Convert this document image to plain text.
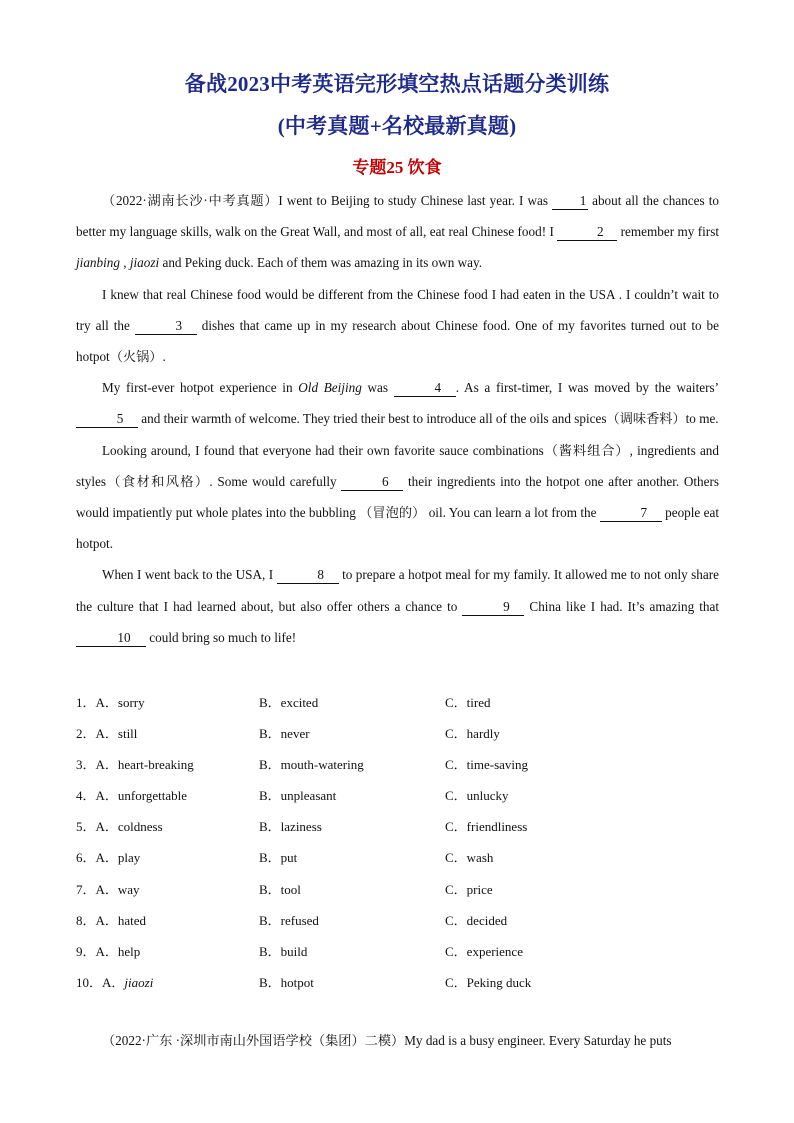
备战2023中考英语完形填空热点话题分类训练
(中考真题+名校最新真题)
专题25 饮食

（2022·湖南长沙·中考真题）I went to Beijing to study Chinese last year. I was 1 about all the chances to better my language skills, walk on the Great Wall, and most of all, eat real Chinese food! I	2 remember my first jianbing , jiaozi and Peking duck. Each of them was amazing in its own way.

I knew that real Chinese food would be different from the Chinese food I had eaten in the USA . I couldn’t wait to try all the	3 dishes that came up in my research about Chinese food. One of my favorites turned out to be hotpot（火锅）.

My first-ever hotpot experience in Old Beijing was	4 . As a first-timer, I was moved by the waiters’5 and their warmth of welcome. They tried their best to introduce all of the oils and spices（调味香料）to me.

Looking around, I found that everyone had their own favorite sauce combinations（酱料组合）, ingredients and styles（食材和风格）. Some would carefully	6 their ingredients into the hotpot one after another. Others would impatiently put whole plates into the bubbling （冒泡的） oil. You can learn a lot from the	7 people eat hotpot.

When I went back to the USA, I	8 to prepare a hotpot meal for my family. It allowed me to not only share the culture that I had learned about, but also offer others a chance to	9 China like I had. It’s amazing that 10 could bring so much to life!

1．A．sorry	B．excited	C．tired
2．A．still	B．never	C．hardly
3．A．heart-breaking	B．mouth-watering	C．time-saving
4．A．unforgettable	B．unpleasant	C．unlucky
5．A．coldness	B．laziness	C．friendliness
6．A．play	B．put	C．wash
7．A．way	B．tool	C．price
8．A．hated	B．refused	C．decided
9．A．help	B．build	C．experience
10．A．jiaozi	B．hotpot	C．Peking duck
（2022·广东 ·深圳市南山外国语学校（集团）二模）My dad is a busy engineer. Every Saturday he puts
